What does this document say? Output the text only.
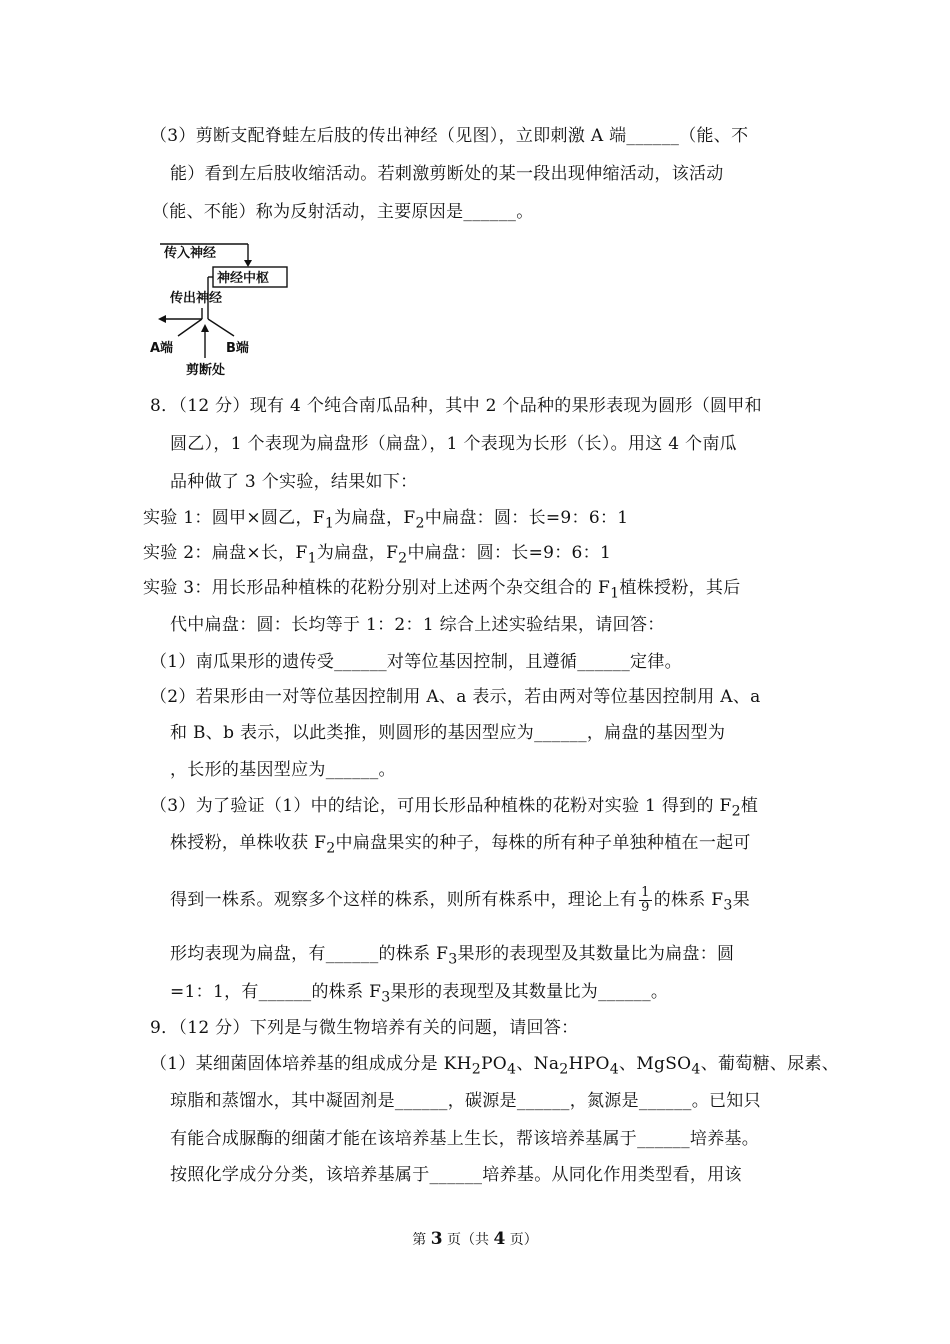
（3）剪断支配脊蛙左后肢的传出神经（见图），立即刺激 A 端______（能、不
能）看到左后肢收缩活动。若刺激剪断处的某一段出现伸缩活动，该活动
（能、不能）称为反射活动，主要原因是______。
传入神经
神经中枢
传出神经
A端	B端
剪断处
8．（12 分）现有 4 个纯合南瓜品种，其中 2 个品种的果形表现为圆形（圆甲和
圆乙），1 个表现为扁盘形（扁盘），1 个表现为长形（长）。用这 4 个南瓜
品种做了 3 个实验，结果如下：
实验 1：圆甲×圆乙，$F_1$为扁盘，$F_2$中扁盘：圆：长=9：6：1
实验 2：扁盘×长，$F_1$为扁盘，$F_2$中扁盘：圆：长=9：6：1
实验 3：用长形品种植株的花粉分别对上述两个杂交组合的 $F_1$植株授粉，其后
代中扁盘：圆：长均等于 1：2：1 综合上述实验结果，请回答：
（1）南瓜果形的遗传受______对等位基因控制，且遵循______定律。
（2）若果形由一对等位基因控制用 A、a 表示，若由两对等位基因控制用 A、a
和 B、b 表示，以此类推，则圆形的基因型应为______，扁盘的基因型为
，长形的基因型应为______。
（3）为了验证（1）中的结论，可用长形品种植株的花粉对实验 1 得到的 $F_2$植
株授粉，单株收获 $F_2$中扁盘果实的种子，每株的所有种子单独种植在一起可
得到一株系。观察多个这样的株系，则所有株系中，理论上有 $\frac{1}{9}$ 的株系 $F_3$果
形均表现为扁盘，有______的株系 $F_3$果形的表现型及其数量比为扁盘：圆
=1：1，有______的株系 $F_3$果形的表现型及其数量比为______。
9．（12 分）下列是与微生物培养有关的问题，请回答：
（1）某细菌固体培养基的组成成分是 $KH_2PO_4$、$Na_2HPO_4$、MgSO$_4$、葡萄糖、尿素、
琼脂和蒸馏水，其中凝固剂是______，碳源是______，氮源是______。已知只
有能合成脲酶的细菌才能在该培养基上生长，帮该培养基属于______培养基。
按照化学成分分类，该培养基属于______培养基。从同化作用类型看，用该
第 3 页（共 4 页）
